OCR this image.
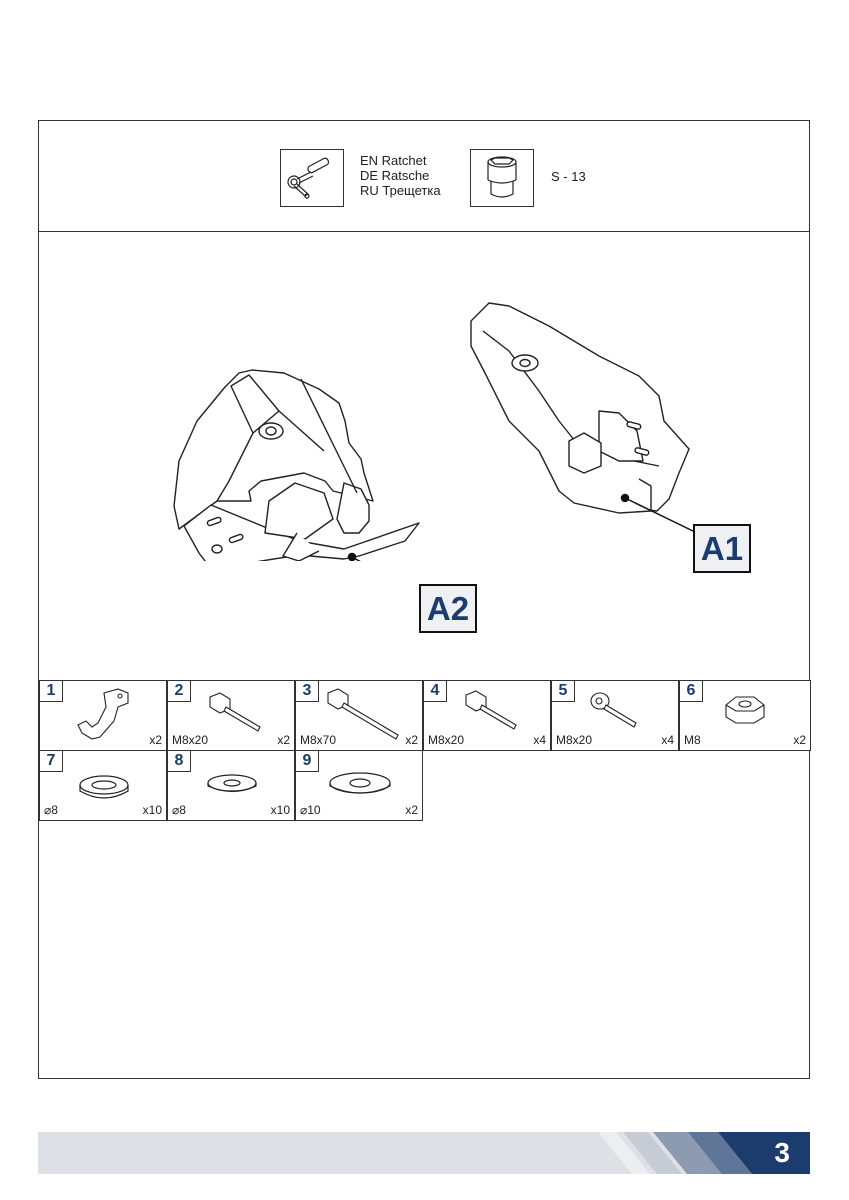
EN Ratchet
DE Ratsche
RU Трещетка
S - 13
A2
A1
1
x2
2
M8x20	x2
3
M8x70	x2
4
M8x20	x4
5
M8x20	x4
6
M8	x2
7
⌀8	x10
8
⌀8	x10
9
⌀10	x2
3
